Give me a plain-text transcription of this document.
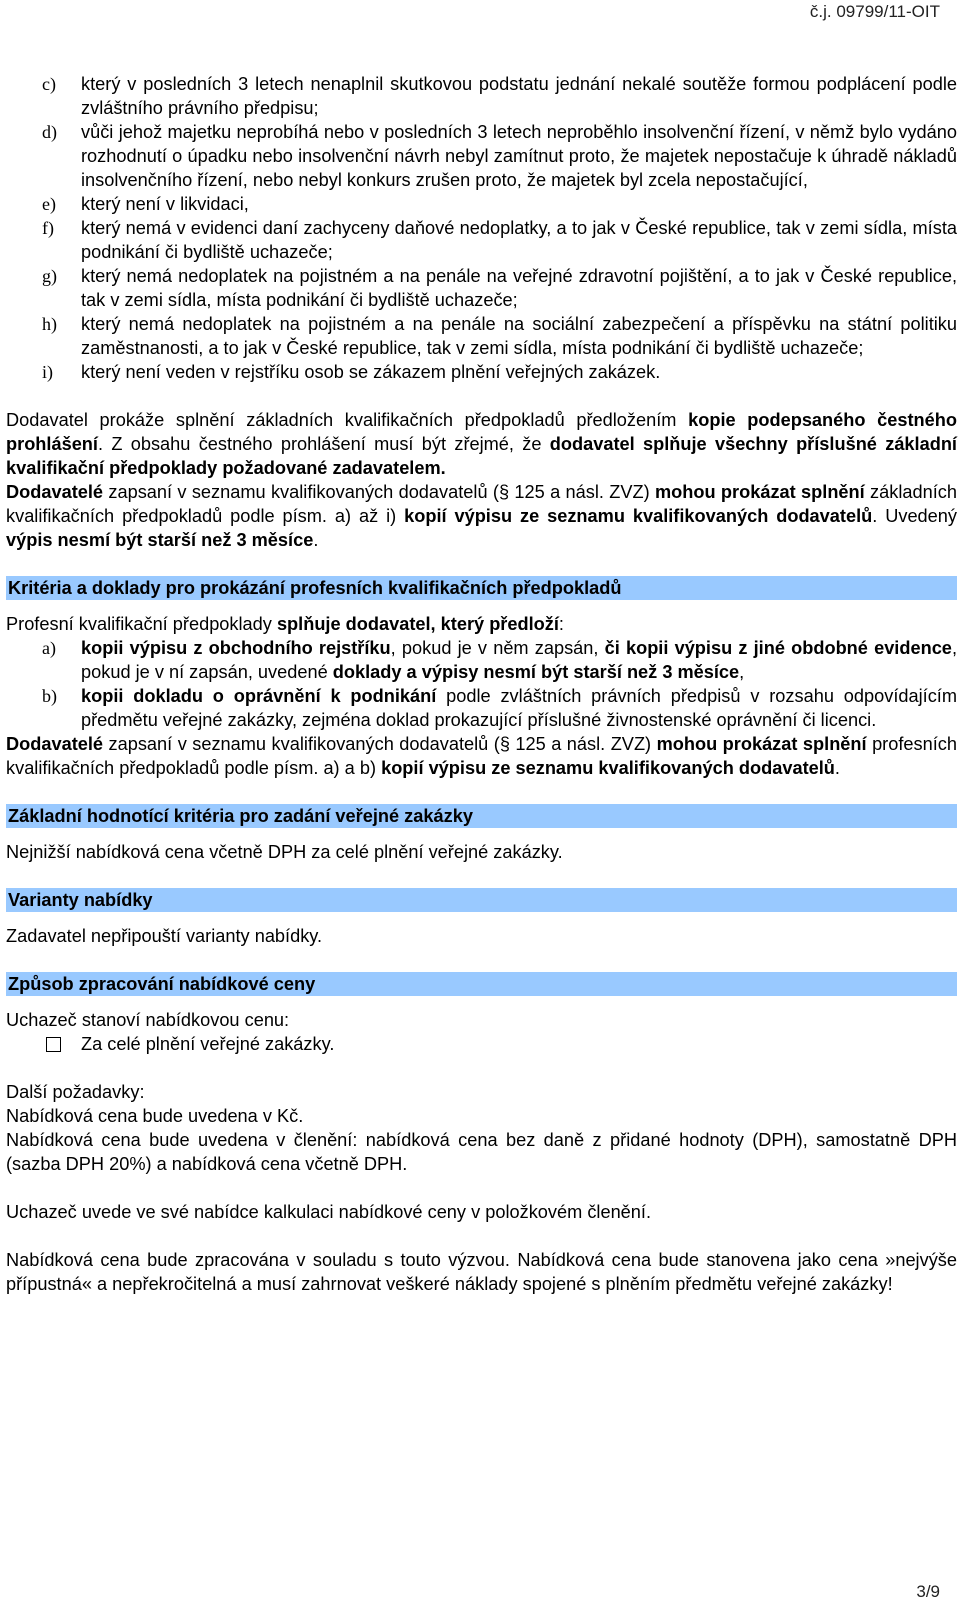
č.j. 09799/11-OIT
c) který v posledních 3 letech nenaplnil skutkovou podstatu jednání nekalé soutěže formou podplácení podle zvláštního právního předpisu;
d) vůči jehož majetku neprobíhá nebo v posledních 3 letech neproběhlo insolvenční řízení, v němž bylo vydáno rozhodnutí o úpadku nebo insolvenční návrh nebyl zamítnut proto, že majetek nepostačuje k úhradě nákladů insolvenčního řízení, nebo nebyl konkurs zrušen proto, že majetek byl zcela nepostačující,
e) který není v likvidaci,
f) který nemá v evidenci daní zachyceny daňové nedoplatky, a to jak v České republice, tak v zemi sídla, místa podnikání či bydliště uchazeče;
g) který nemá nedoplatek na pojistném a na penále na veřejné zdravotní pojištění, a to jak v České republice, tak v zemi sídla, místa podnikání či bydliště uchazeče;
h) který nemá nedoplatek na pojistném a na penále na sociální zabezpečení a příspěvku na státní politiku zaměstnanosti, a to jak v České republice, tak v zemi sídla, místa podnikání či bydliště uchazeče;
i) který není veden v rejstříku osob se zákazem plnění veřejných zakázek.

Dodavatel prokáže splnění základních kvalifikačních předpokladů předložením kopie podepsaného čestného prohlášení. Z obsahu čestného prohlášení musí být zřejmé, že dodavatel splňuje všechny příslušné základní kvalifikační předpoklady požadované zadavatelem.
Dodavatelé zapsaní v seznamu kvalifikovaných dodavatelů (§ 125 a násl. ZVZ) mohou prokázat splnění základních kvalifikačních předpokladů podle písm. a) až i) kopií výpisu ze seznamu kvalifikovaných dodavatelů. Uvedený výpis nesmí být starší než 3 měsíce.

Kritéria a doklady pro prokázání profesních kvalifikačních předpokladů

Profesní kvalifikační předpoklady splňuje dodavatel, který předloží:

a) kopii výpisu z obchodního rejstříku, pokud je v něm zapsán, či kopii výpisu z jiné obdobné evidence, pokud je v ní zapsán, uvedené doklady a výpisy nesmí být starší než 3 měsíce,
b) kopii dokladu o oprávnění k podnikání podle zvláštních právních předpisů v rozsahu odpovídajícím předmětu veřejné zakázky, zejména doklad prokazující příslušné živnostenské oprávnění či licenci.

Dodavatelé zapsaní v seznamu kvalifikovaných dodavatelů (§ 125 a násl. ZVZ) mohou prokázat splnění profesních kvalifikačních předpokladů podle písm. a) a b) kopií výpisu ze seznamu kvalifikovaných dodavatelů.

Základní hodnotící kritéria pro zadání veřejné zakázky

Nejnižší nabídková cena včetně DPH za celé plnění veřejné zakázky.

Varianty nabídky

Zadavatel nepřipouští varianty nabídky.

Způsob zpracování nabídkové ceny

Uchazeč stanoví nabídkovou cenu:

Za celé plnění veřejné zakázky.

Další požadavky:

Nabídková cena bude uvedena v Kč.

Nabídková cena bude uvedena v členění: nabídková cena bez daně z přidané hodnoty (DPH), samostatně DPH (sazba DPH 20%) a nabídková cena včetně DPH.

Uchazeč uvede ve své nabídce kalkulaci nabídkové ceny v položkovém členění.

Nabídková cena bude zpracována v souladu s touto výzvou. Nabídková cena bude stanovena jako cena »nejvýše přípustná« a nepřekročitelná a musí zahrnovat veškeré náklady spojené s plněním předmětu veřejné zakázky!

3/9
